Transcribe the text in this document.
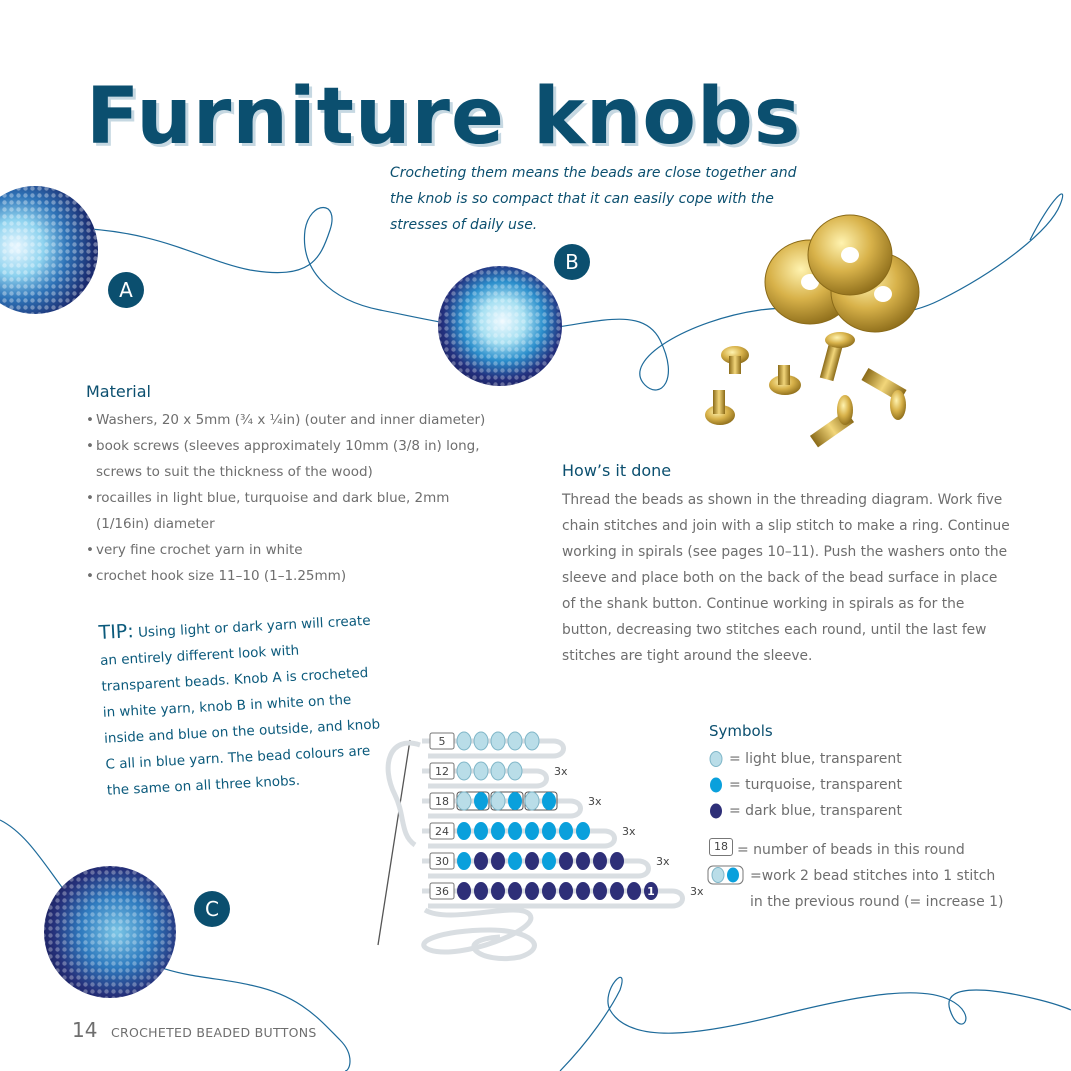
Furniture knobs
Crocheting them means the beads are close together and the knob is so compact that it can easily cope with the stresses of daily use.
A
B
C
Material
• Washers, 20 x 5mm (¾ x ¼in) (outer and inner diameter)
• book screws (sleeves approximately 10mm (3/8 in) long, screws to suit the thickness of the wood)
• rocailles in light blue, turquoise and dark blue, 2mm (1/16in) diameter
• very fine crochet yarn in white
• crochet hook size 11–10 (1–1.25mm)
TIP: Using light or dark yarn will create an entirely different look with transparent beads. Knob A is crocheted in white yarn, knob B in white on the inside and blue on the outside, and knob C all in blue yarn. The bead colours are the same on all three knobs.
How’s it done
Thread the beads as shown in the threading diagram. Work five chain stitches and join with a slip stitch to make a ring. Continue working in spirals (see pages 10–11). Push the washers onto the sleeve and place both on the back of the bead surface in place of the shank button. Continue working in spirals as for the button, decreasing two stitches each round, until the last few stitches are tight around the sleeve.
5
12	3x
18	3x
24	3x
30	3x
36	3x
1
Symbols
= light blue, transparent
= turquoise, transparent
= dark blue, transparent
18 = number of beads in this round
=work 2 bead stitches into 1 stitch
in the previous round (= increase 1)
14 CROCHETED BEADED BUTTONS
